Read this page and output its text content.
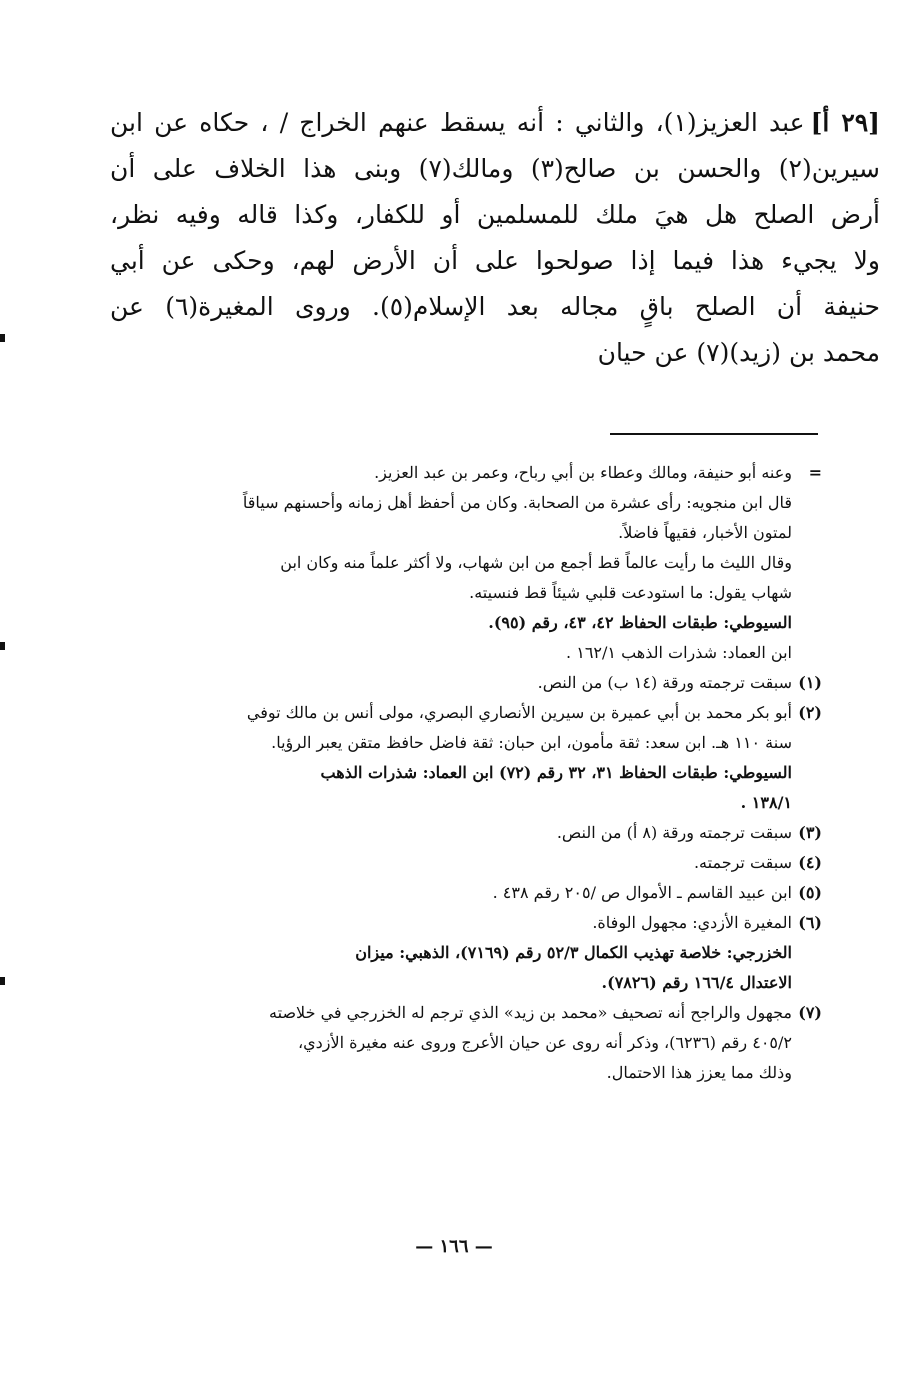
[٢٩ أ]عبد العزيز(١)، والثاني : أنه يسقط عنهم الخراج / ، حكاه عن ابن
سيرين(٢) والحسن بن صالح(٣) ومالك(٧) وبنى هذا الخلاف على أن
أرض الصلح هل هيَ ملك للمسلمين أو للكفار، وكذا قاله وفيه نظر،
ولا يجيء هذا فيما إذا صولحوا على أن الأرض لهم، وحكى عن أبي
حنيفة أن الصلح باقٍ مجاله بعد الإسلام(٥). وروى المغيرة(٦) عن
محمد بن (زيد)(٧) عن حيان
=
وعنه أبو حنيفة، ومالك وعطاء بن أبي رباح، وعمر بن عبد العزيز.
قال ابن منجويه: رأى عشرة من الصحابة. وكان من أحفظ أهل زمانه وأحسنهم سياقاً
لمتون الأخبار، فقيهاً فاضلاً.
وقال الليث ما رأيت عالماً قط أجمع من ابن شهاب، ولا أكثر علماً منه وكان ابن
شهاب يقول: ما استودعت قلبي شيئاً قط فنسيته.
السيوطي: طبقات الحفاظ ٤٢، ٤٣، رقم (٩٥).
ابن العماد: شذرات الذهب ١٦٢/١ .
(١)
سبقت ترجمته ورقة (١٤ ب) من النص.
(٢)
أبو بكر محمد بن أبي عميرة بن سيرين الأنصاري البصري، مولى أنس بن مالك توفي
سنة ١١٠ هـ. ابن سعد: ثقة مأمون، ابن حبان: ثقة فاضل حافظ متقن يعبر الرؤيا.
السيوطي: طبقات الحفاظ ٣١، ٣٢ رقم (٧٢) ابن العماد: شذرات الذهب
١٣٨/١ .
(٣)
سبقت ترجمته ورقة (٨ أ) من النص.
(٤)
سبقت ترجمته.
(٥)
ابن عبيد القاسم ـ الأموال ص /٢٠٥ رقم ٤٣٨ .
(٦)
المغيرة الأزدي: مجهول الوفاة.
الخزرجي: خلاصة تهذيب الكمال ٥٢/٣ رقم (٧١٦٩)، الذهبي: ميزان
الاعتدال ١٦٦/٤ رقم (٧٨٢٦).
(٧)
مجهول والراجح أنه تصحيف «محمد بن زيد» الذي ترجم له الخزرجي في خلاصته
٤٠٥/٢ رقم (٦٢٣٦)، وذكر أنه روى عن حيان الأعرج وروى عنه مغيرة الأزدي،
وذلك مما يعزز هذا الاحتمال.
— ١٦٦ —
